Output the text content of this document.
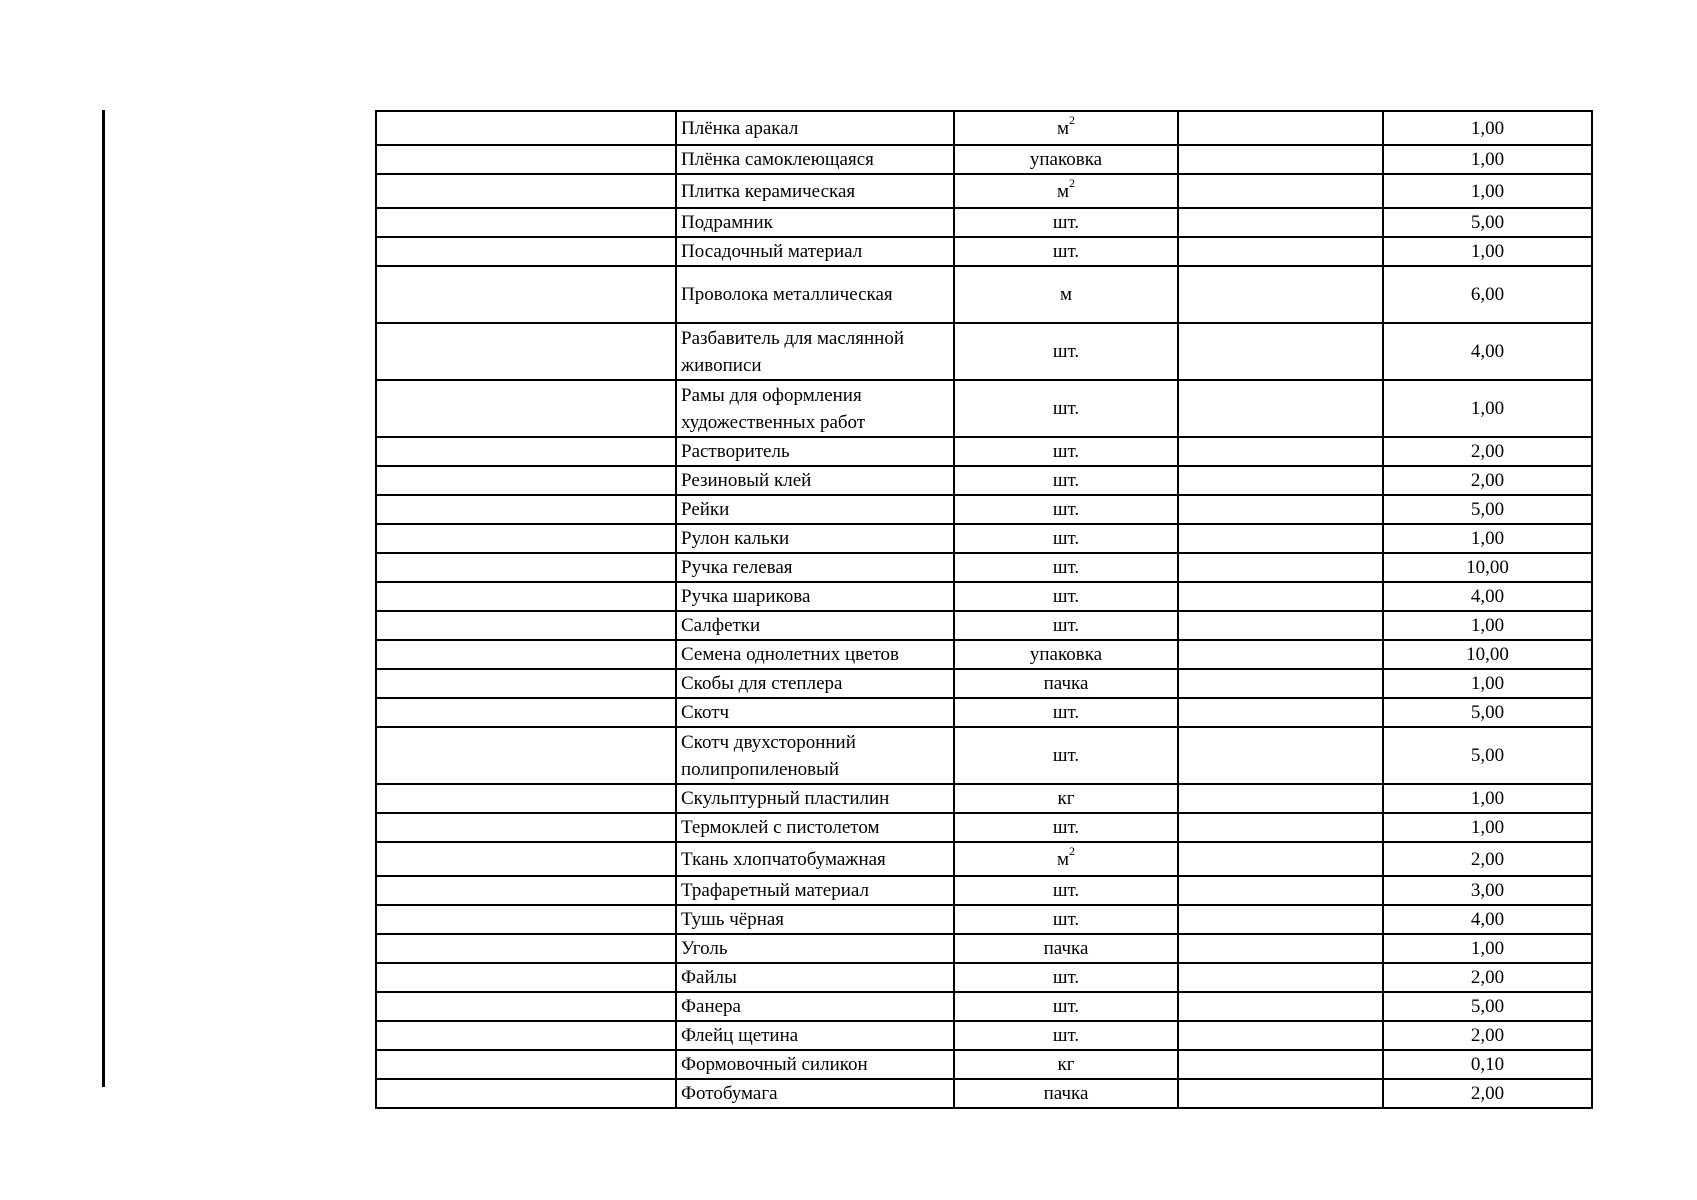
	Плёнка аракал	$м^2$		1,00
	Плёнка самоклеющаяся	упаковка		1,00
	Плитка керамическая	$м^2$		1,00
	Подрамник	шт.		5,00
	Посадочный материал	шт.		1,00
	Проволока металлическая	м		6,00
	Разбавитель для маслянной живописи	шт.		4,00
	Рамы для оформления художественных работ	шт.		1,00
	Растворитель	шт.		2,00
	Резиновый клей	шт.		2,00
	Рейки	шт.		5,00
	Рулон кальки	шт.		1,00
	Ручка гелевая	шт.		10,00
	Ручка шарикова	шт.		4,00
	Салфетки	шт.		1,00
	Семена однолетних цветов	упаковка		10,00
	Скобы для степлера	пачка		1,00
	Скотч	шт.		5,00
	Скотч двухсторонний полипропиленовый	шт.		5,00
	Скульптурный пластилин	кг		1,00
	Термоклей с пистолетом	шт.		1,00
	Ткань хлопчатобумажная	$м^2$		2,00
	Трафаретный материал	шт.		3,00
	Тушь чёрная	шт.		4,00
	Уголь	пачка		1,00
	Файлы	шт.		2,00
	Фанера	шт.		5,00
	Флейц щетина	шт.		2,00
	Формовочный силикон	кг		0,10
	Фотобумага	пачка		2,00
